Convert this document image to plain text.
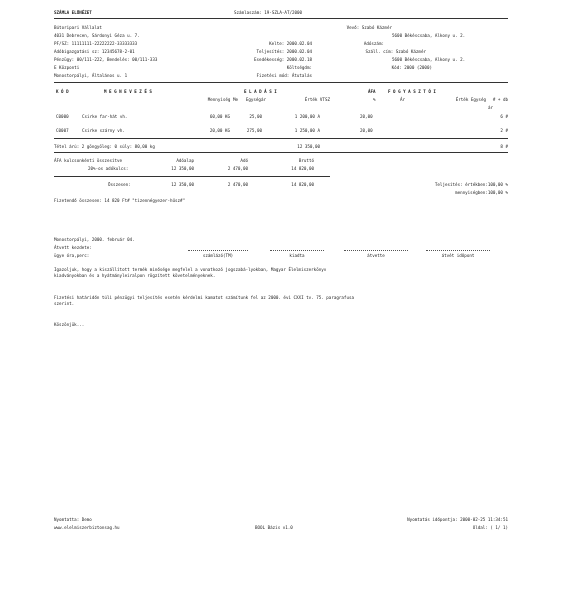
SZÁMLA ELŐNÉZET	Számlaszám: 19-SZLA-AT/2000
Bútoripari Vállalat
4031 Debrecen, Sárdonyi Géza u. 7.
PF/SZ: 11111111-22222222-33333333
Adóbigazgatási sz: 12345678-2-01
Pénzügy: 00/111-222, Bendelés: 00/111-333
E Központi
Monostorpályi, Általános u. 1
Kelte: 2000.02.04
Teljesítés: 2000.02.04
Esedékesség: 2000.02.18
Költségdm:
Fizetési mód: Átutalás
Vevő: Szabó Kázmér
5600 Békéscsaba, Alkony u. 2.
Adószám:
Száll. cím: Szabó Kázmér
5600 Békéscsaba, Alkony u. 2.
Kód: 2000 (2000)
K Ó D	M E G N E V E Z É S	E L A D Á S I	ÁFA	F O G Y A S Z T Ó I
Mennyiség Me	Egységár	Érték VTSZ	%	Ár	Érték Egység	# + db
ár
C0000	Csirke far-hát vh.	60,00 KG	25,00	1 200,00 A	20,00	6 #
C0007	Csirke szárny vh.	20,00 KG	275,00	1 250,00 A	20,00	2 #
Tétel árú: 2 göngyöleg: 0 súly: 80,00 kg	12 350,00	8 #
ÁFA kulcsonkénti összesítve	Adóalap	Adó	Bruttó
20%-os adókulcs:	12 350,00	2 470,00	14 820,00
Összesen:	12 350,00	2 470,00	14 820,00	Teljesítés: értékben:100,00 %
mennyiségben:100,00 %
Fizetendő összesen: 14 820 Ft# "tizennégyezer-hűsz#"
Monostorpályi, 2000. február 04.
Átvett kezdete:
ügye óra,perc:	számlázó(TM)	kiadta	átvette	átvét időpont
Igazoljuk, hogy a kiszállított termék minősége megfelel a vonatkozó jogszabá-lyokban, Magyar Élelmiszerkönyv kiadványokban és a hyátmányleiralpon rögzített követelményeknek.
Fizetési határidőn túli pénzügyi teljesítés esetén kérdelmi kamatot számítunk fel az 2000. évi CXXI tv. 75. paragrafusa szerint.
Köszönjük...
Nyomtatta: Demo
www.elelmiszerbiztonsag.hu	BOOL Bázis v1.0
Nyomtatás időpontja: 2000-02-25 11:34:51
Oldal: ( 1/ 1)
